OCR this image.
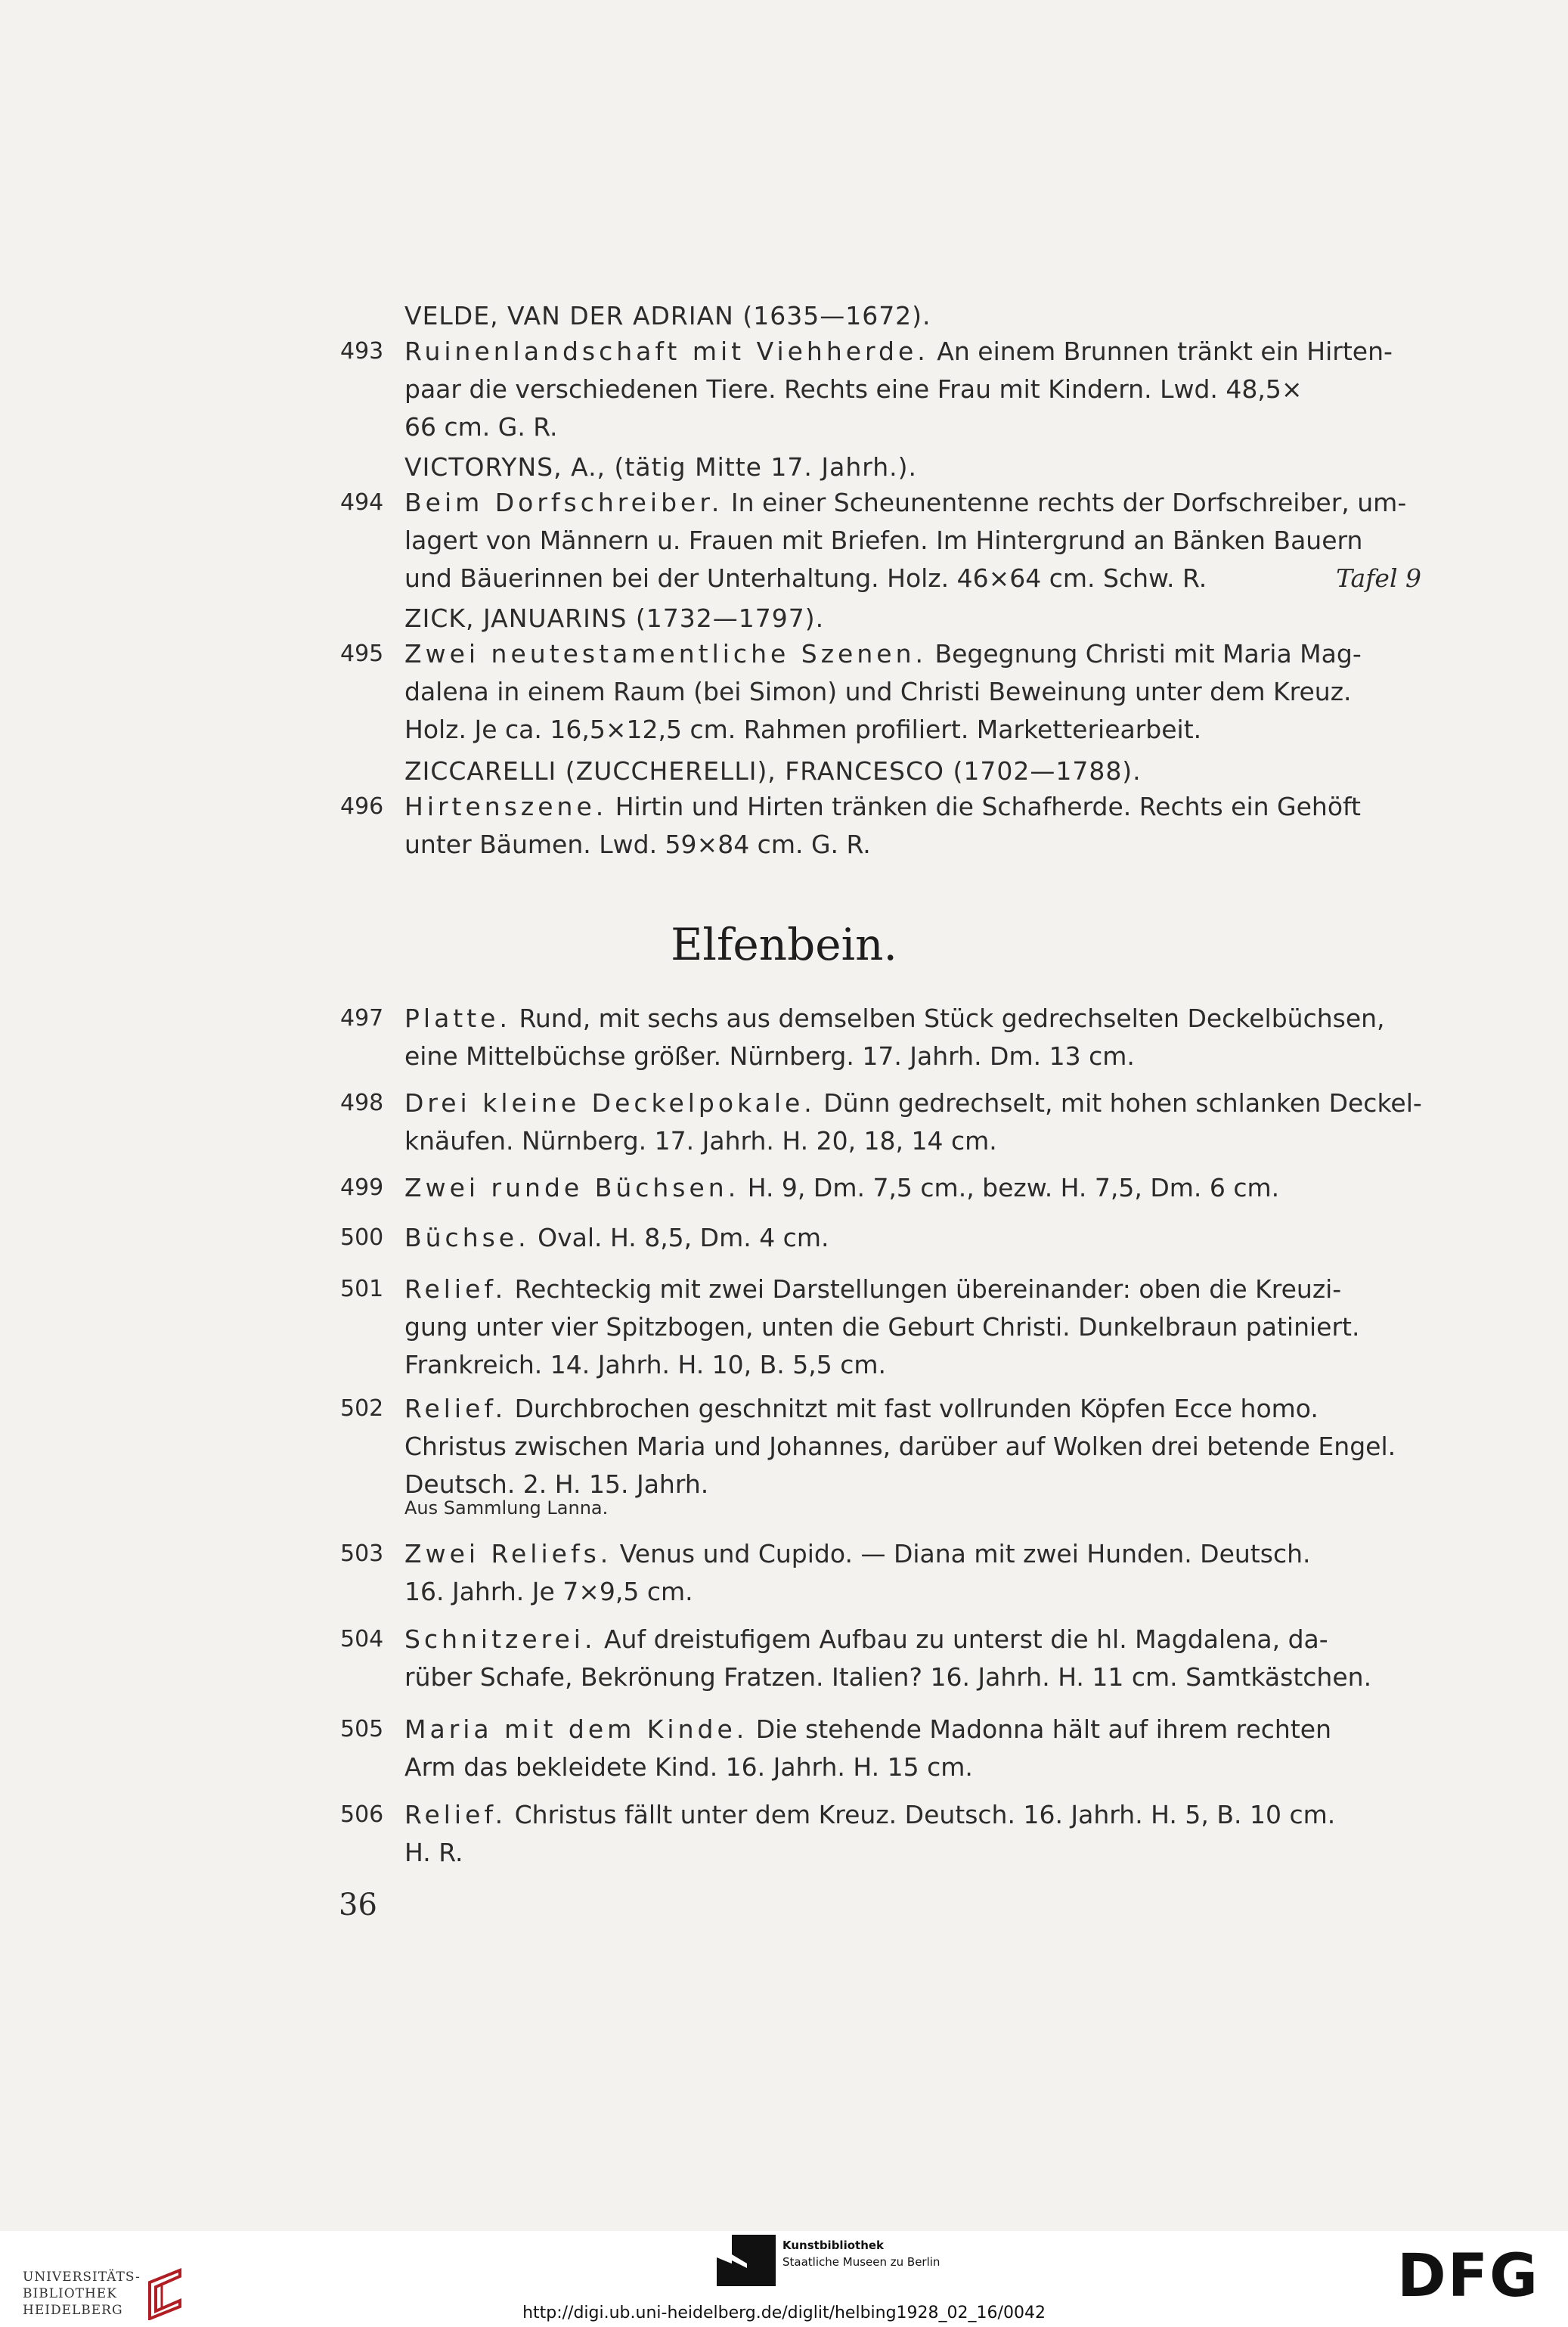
VELDE, VAN DER ADRIAN (1635—1672).
493 Ruinenlandschaft mit Viehherde. An einem Brunnen tränkt ein Hirten-
paar die verschiedenen Tiere. Rechts eine Frau mit Kindern. Lwd. 48,5×
66 cm. G. R.
VICTORYNS, A., (tätig Mitte 17. Jahrh.).
494 Beim Dorfschreiber. In einer Scheunentenne rechts der Dorfschreiber, um-
lagert von Männern u. Frauen mit Briefen. Im Hintergrund an Bänken Bauern
und Bäuerinnen bei der Unterhaltung. Holz. 46×64 cm. Schw. R.	Tafel 9
ZICK, JANUARINS (1732—1797).
495 Zwei neutestamentliche Szenen. Begegnung Christi mit Maria Mag-
dalena in einem Raum (bei Simon) und Christi Beweinung unter dem Kreuz.
Holz. Je ca. 16,5×12,5 cm. Rahmen profiliert. Marketteriearbeit.
ZICCARELLI (ZUCCHERELLI), FRANCESCO (1702—1788).
496 Hirtenszene. Hirtin und Hirten tränken die Schafherde. Rechts ein Gehöft
unter Bäumen. Lwd. 59×84 cm. G. R.
Elfenbein.
497 Platte. Rund, mit sechs aus demselben Stück gedrechselten Deckelbüchsen,
eine Mittelbüchse größer. Nürnberg. 17. Jahrh. Dm. 13 cm.
498 Drei kleine Deckelpokale. Dünn gedrechselt, mit hohen schlanken Deckel-
knäufen. Nürnberg. 17. Jahrh. H. 20, 18, 14 cm.
499 Zwei runde Büchsen. H. 9, Dm. 7,5 cm., bezw. H. 7,5, Dm. 6 cm.
500 Büchse. Oval. H. 8,5, Dm. 4 cm.
501 Relief. Rechteckig mit zwei Darstellungen übereinander: oben die Kreuzi-
gung unter vier Spitzbogen, unten die Geburt Christi. Dunkelbraun patiniert.
Frankreich. 14. Jahrh. H. 10, B. 5,5 cm.
502 Relief. Durchbrochen geschnitzt mit fast vollrunden Köpfen Ecce homo.
Christus zwischen Maria und Johannes, darüber auf Wolken drei betende Engel.
Deutsch. 2. H. 15. Jahrh.
Aus Sammlung Lanna.
503 Zwei Reliefs. Venus und Cupido. — Diana mit zwei Hunden. Deutsch.
16. Jahrh. Je 7×9,5 cm.
504 Schnitzerei. Auf dreistufigem Aufbau zu unterst die hl. Magdalena, da-
rüber Schafe, Bekrönung Fratzen. Italien? 16. Jahrh. H. 11 cm. Samtkästchen.
505 Maria mit dem Kinde. Die stehende Madonna hält auf ihrem rechten
Arm das bekleidete Kind. 16. Jahrh. H. 15 cm.
506 Relief. Christus fällt unter dem Kreuz. Deutsch. 16. Jahrh. H. 5, B. 10 cm.
H. R.
36
UNIVERSITÄTS-
BIBLIOTHEK
HEIDELBERG
Kunstbibliothek
Staatliche Museen zu Berlin	DFG
http://digi.ub.uni-heidelberg.de/diglit/helbing1928_02_16/0042
